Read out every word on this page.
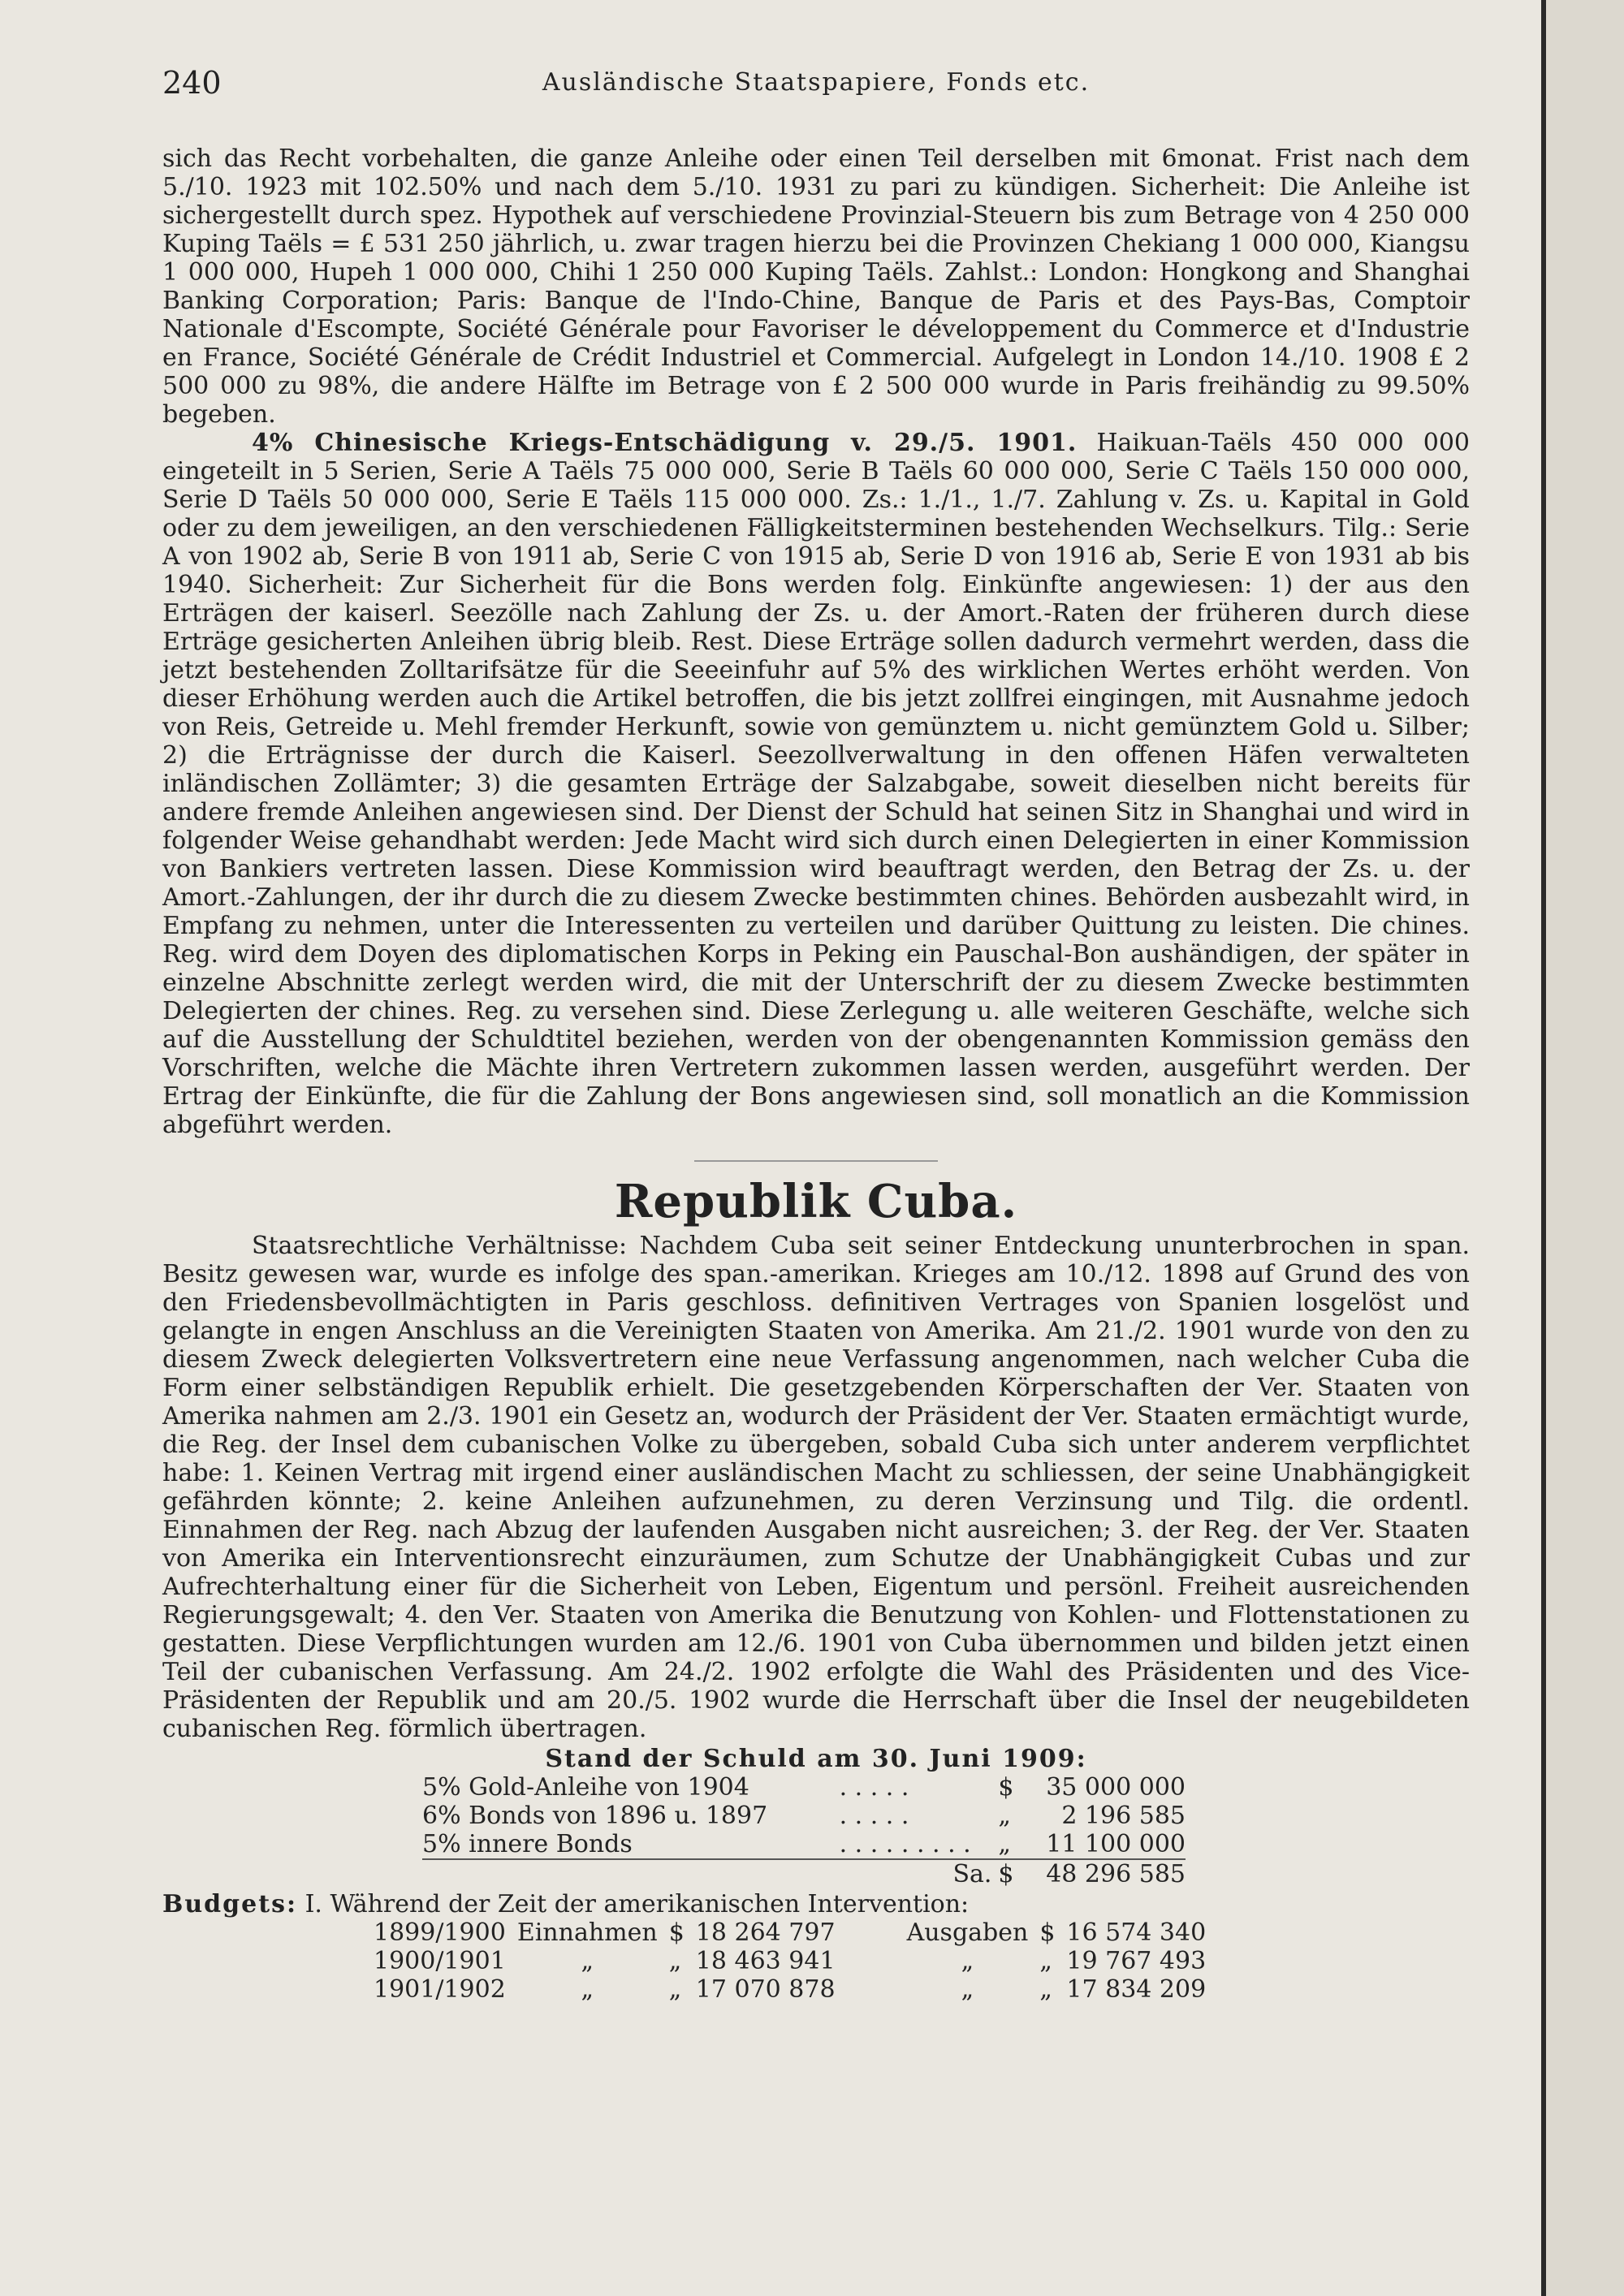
240	Ausländische Staatspapiere, Fonds etc.

sich das Recht vorbehalten, die ganze Anleihe oder einen Teil derselben mit 6monat. Frist nach dem 5./10. 1923 mit 102.50% und nach dem 5./10. 1931 zu pari zu kündigen. Sicherheit: Die Anleihe ist sichergestellt durch spez. Hypothek auf verschiedene Provinzial-Steuern bis zum Betrage von 4 250 000 Kuping Taëls = £ 531 250 jährlich, u. zwar tragen hierzu bei die Provinzen Chekiang 1 000 000, Kiangsu 1 000 000, Hupeh 1 000 000, Chihi 1 250 000 Kuping Taëls. Zahlst.: London: Hongkong and Shanghai Banking Corporation; Paris: Banque de l'Indo-Chine, Banque de Paris et des Pays-Bas, Comptoir Nationale d'Escompte, Société Générale pour Favoriser le développement du Commerce et d'Industrie en France, Société Générale de Crédit Industriel et Commercial. Aufgelegt in London 14./10. 1908 £ 2 500 000 zu 98%, die andere Hälfte im Betrage von £ 2 500 000 wurde in Paris freihändig zu 99.50% begeben.

4% Chinesische Kriegs-Entschädigung v. 29./5. 1901. Haikuan-Taëls 450 000 000 eingeteilt in 5 Serien, Serie A Taëls 75 000 000, Serie B Taëls 60 000 000, Serie C Taëls 150 000 000, Serie D Taëls 50 000 000, Serie E Taëls 115 000 000. Zs.: 1./1., 1./7. Zahlung v. Zs. u. Kapital in Gold oder zu dem jeweiligen, an den verschiedenen Fälligkeitsterminen bestehenden Wechselkurs. Tilg.: Serie A von 1902 ab, Serie B von 1911 ab, Serie C von 1915 ab, Serie D von 1916 ab, Serie E von 1931 ab bis 1940. Sicherheit: Zur Sicherheit für die Bons werden folg. Einkünfte angewiesen: 1) der aus den Erträgen der kaiserl. Seezölle nach Zahlung der Zs. u. der Amort.-Raten der früheren durch diese Erträge gesicherten Anleihen übrig bleib. Rest. Diese Erträge sollen dadurch vermehrt werden, dass die jetzt bestehenden Zolltarifsätze für die Seeeinfuhr auf 5% des wirklichen Wertes erhöht werden. Von dieser Erhöhung werden auch die Artikel betroffen, die bis jetzt zollfrei eingingen, mit Ausnahme jedoch von Reis, Getreide u. Mehl fremder Herkunft, sowie von gemünztem u. nicht gemünztem Gold u. Silber; 2) die Erträgnisse der durch die Kaiserl. Seezollverwaltung in den offenen Häfen verwalteten inländischen Zollämter; 3) die gesamten Erträge der Salzabgabe, soweit dieselben nicht bereits für andere fremde Anleihen angewiesen sind. Der Dienst der Schuld hat seinen Sitz in Shanghai und wird in folgender Weise gehandhabt werden: Jede Macht wird sich durch einen Delegierten in einer Kommission von Bankiers vertreten lassen. Diese Kommission wird beauftragt werden, den Betrag der Zs. u. der Amort.-Zahlungen, der ihr durch die zu diesem Zwecke bestimmten chines. Behörden ausbezahlt wird, in Empfang zu nehmen, unter die Interessenten zu verteilen und darüber Quittung zu leisten. Die chines. Reg. wird dem Doyen des diplomatischen Korps in Peking ein Pauschal-Bon aushändigen, der später in einzelne Abschnitte zerlegt werden wird, die mit der Unterschrift der zu diesem Zwecke bestimmten Delegierten der chines. Reg. zu versehen sind. Diese Zerlegung u. alle weiteren Geschäfte, welche sich auf die Ausstellung der Schuldtitel beziehen, werden von der obengenannten Kommission gemäss den Vorschriften, welche die Mächte ihren Vertretern zukommen lassen werden, ausgeführt werden. Der Ertrag der Einkünfte, die für die Zahlung der Bons angewiesen sind, soll monatlich an die Kommission abgeführt werden.

Republik Cuba.

Staatsrechtliche Verhältnisse: Nachdem Cuba seit seiner Entdeckung ununterbrochen in span. Besitz gewesen war, wurde es infolge des span.-amerikan. Krieges am 10./12. 1898 auf Grund des von den Friedensbevollmächtigten in Paris geschloss. definitiven Vertrages von Spanien losgelöst und gelangte in engen Anschluss an die Vereinigten Staaten von Amerika. Am 21./2. 1901 wurde von den zu diesem Zweck delegierten Volksvertretern eine neue Verfassung angenommen, nach welcher Cuba die Form einer selbständigen Republik erhielt. Die gesetzgebenden Körperschaften der Ver. Staaten von Amerika nahmen am 2./3. 1901 ein Gesetz an, wodurch der Präsident der Ver. Staaten ermächtigt wurde, die Reg. der Insel dem cubanischen Volke zu übergeben, sobald Cuba sich unter anderem verpflichtet habe: 1. Keinen Vertrag mit irgend einer ausländischen Macht zu schliessen, der seine Unabhängigkeit gefährden könnte; 2. keine Anleihen aufzunehmen, zu deren Verzinsung und Tilg. die ordentl. Einnahmen der Reg. nach Abzug der laufenden Ausgaben nicht ausreichen; 3. der Reg. der Ver. Staaten von Amerika ein Interventionsrecht einzuräumen, zum Schutze der Unabhängigkeit Cubas und zur Aufrechterhaltung einer für die Sicherheit von Leben, Eigentum und persönl. Freiheit ausreichenden Regierungsgewalt; 4. den Ver. Staaten von Amerika die Benutzung von Kohlen- und Flottenstationen zu gestatten. Diese Verpflichtungen wurden am 12./6. 1901 von Cuba übernommen und bilden jetzt einen Teil der cubanischen Verfassung. Am 24./2. 1902 erfolgte die Wahl des Präsidenten und des Vice-Präsidenten der Republik und am 20./5. 1902 wurde die Herrschaft über die Insel der neugebildeten cubanischen Reg. förmlich übertragen.

Stand der Schuld am 30. Juni 1909:
5% Gold-Anleihe von 1904	. . . . .	$	35 000 000
6% Bonds von 1896 u. 1897	. . . . .	„	2 196 585
5% innere Bonds	. . . . . . . . .	„	11 100 000
	Sa.	$	48 296 585
Budgets: I. Während der Zeit der amerikanischen Intervention:
1899/1900	Einnahmen	$	18 264 797		Ausgaben	$	16 574 340
1900/1901	„	„	18 463 941		„	„	19 767 493
1901/1902	„	„	17 070 878		„	„	17 834 209
